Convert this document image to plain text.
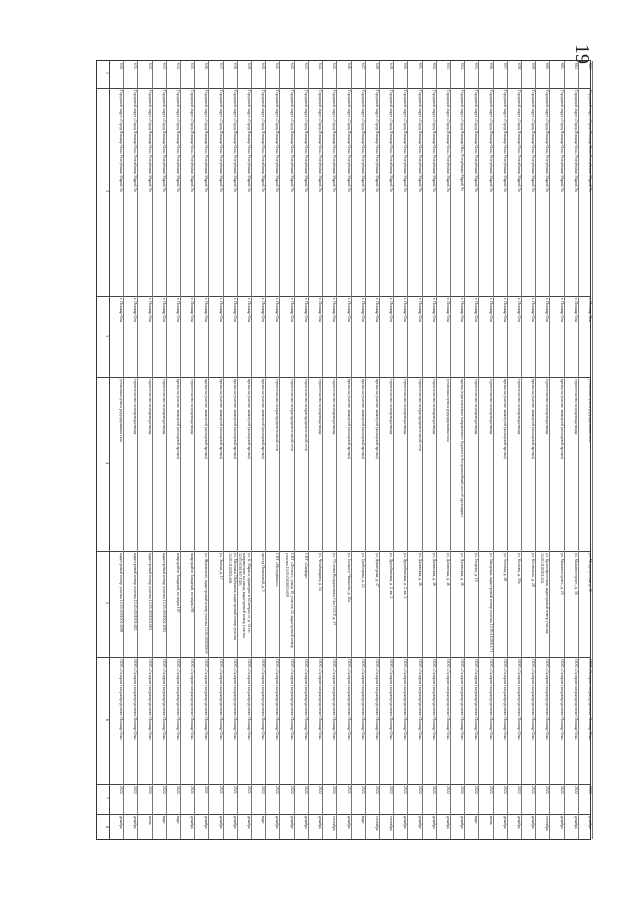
19
1
2
3
4
5
6
7
8
630.
Городской округ «Город Йошкар-Ола» Республики Марий Эл
г. Йошкар-Ола
установка пункта редуцирования газа
кадастровый номер участка 12:05:0301001:2098
ООО «Газпром газораспределение Йошкар-Ола»
2022
декабрь
631.
Городской округ «Город Йошкар-Ола» Республики Марий Эл
г. Йошкар-Ола
строительство газопровода-ввода
кадастровый номер участка 12:05:4501001:482
ООО «Газпром газораспределение Йошкар-Ола»
2022
декабрь
632.
Городской округ «Город Йошкар-Ола» Республики Марий Эл
г. Йошкар-Ола
строительство газопровода-ввода
кадастровый номер участка 12:05:4501001:684
ООО «Газпром газораспределение Йошкар-Ола»
2022
июнь
633.
Городской округ «Город Йошкар-Ола» Республики Марий Эл
г. Йошкар-Ола
строительство газопровода-ввода
кадастровый номер участка 12:05:4501001:1092
ООО «Газпром газораспределение Йошкар-Ола»
2022
март
634.
Городской округ «Город Йошкар-Ола» Республики Марий Эл
г. Йошкар-Ола
врезка на участке замкнутой (кольцевой врезки)
микрорайон Западный, позиция 187
ООО «Газпром газораспределение Йошкар-Ола»
2022
март
635.
Городской округ «Город Йошкар-Ола» Республики Марий Эл
г. Йошкар-Ола
строительство газопровода-ввода
микрорайон Западный, позиция 285
ООО «Газпром газораспределение Йошкар-Ола»
2021
декабрь
636.
Городской округ «Город Йошкар-Ола» Республики Марий Эл
г. Йошкар-Ола
врезка на участке замкнутой (кольцевой врезки)
ул. Жуковского, кадастровый номер участка 12:05:0000000:8
ООО «Газпром газораспределение Йошкар-Ола»
2021
декабрь
637.
Городской округ «Город Йошкар-Ола» Республики Марий Эл
г. Йошкар-Ола
врезка на участке замкнутой (кольцевой врезки)
ул. Эшпая, д. 17
ООО «Газпром газораспределение Йошкар-Ола»
2021
декабрь
638.
Городской округ «Город Йошкар-Ола» Республики Марий Эл
г. Йошкар-Ола
врезка на участке замкнутой (кольцевой врезки)
ул. Мичмана Шабалина, кадастровый номер участка 12:05:1102002:468
ООО «Газпром газораспределение Йошкар-Ола»
2021
декабрь
639.
Городской округ «Город Йошкар-Ола» Республики Марий Эл
г. Йошкар-Ола
врезка на участке замкнутой (кольцевой врезки)
ул. К. Маркса, примерно в 62 метрах от д. 34 по направлению на запад, кадастровый номер участка 12:05:0301007:1026
ООО «Газпром газораспределение Йошкар-Ола»
2021
декабрь
640.
Городской округ «Город Йошкар-Ола» Республики Марий Эл
г. Йошкар-Ола
врезка на участке замкнутой (кольцевой врезки)
проезд Начальный, д. 5
ООО «Газпром газораспределение Йошкар-Ола»
2022
март
641.
Городской округ «Город Йошкар-Ола» Республики Марий Эл
г. Йошкар-Ола
строительство газораспределительной сети
СНТ «Молодёжное»
ООО «Газпром газораспределение Йошкар-Ола»
2022
декабрь
642.
Городской округ «Город Йошкар-Ола» Республики Марий Эл
г. Йошкар-Ола
строительство газораспределительной сети
СНТ «Лесное», улица 10, участок 52, кадастровый номер участка 12:05:0304002:659
ООО «Газпром газораспределение Йошкар-Ола»
2022
декабрь
643.
Городской округ «Город Йошкар-Ола» Республики Марий Эл
г. Йошкар-Ола
строительство газораспределительной сети
СНТ «Сапфир»
ООО «Газпром газораспределение Йошкар-Ола»
2022
декабрь
644.
Городской округ «Город Йошкар-Ола» Республики Марий Эл
г. Йошкар-Ола
строительство газопровода-ввода
ул. Чехибиндина, д. 34
ООО «Газпром газораспределение Йошкар-Ола»
2022
декабрь
645.
Городской округ «Город Йошкар-Ола» Республики Марий Эл
г. Йошкар-Ола
строительство газопровода-ввода
ул. 70-летия Вооруженных Сил СССР, д. 17
ООО «Газпром газораспределение Йошкар-Ола»
2022
сентябрь
646.
Городской округ «Город Йошкар-Ола» Республики Марий Эл
г. Йошкар-Ола
врезка на участке замкнутой (кольцевой врезки)
ул. Большое Чигашево, д. 20а
ООО «Газпром газораспределение Йошкар-Ола»
2021
декабрь
647.
Городской округ «Город Йошкар-Ола» Республики Марий Эл
г. Йошкар-Ола
врезка на участке замкнутой (кольцевой врезки)
ул. Грибоедова, д. 44
ООО «Газпром газораспределение Йошкар-Ола»
2022
март
648.
Городской округ «Город Йошкар-Ола» Республики Марий Эл
г. Йошкар-Ола
врезка на участке замкнутой (кольцевой врезки)
ул. Димитрова, д. 47
ООО «Газпром газораспределение Йошкар-Ола»
2022
сентябрь
649.
Городской округ «Город Йошкар-Ола» Республики Марий Эл
г. Йошкар-Ола
строительство газопровода-ввода
ул. Дружбинская, д. 2, кв. 2
ООО «Газпром газораспределение Йошкар-Ола»
2022
сентябрь
650.
Городской округ «Город Йошкар-Ола» Республики Марий Эл
г. Йошкар-Ола
строительство газопровода-ввода
ул. Дружбинская, д. 2, кв. 3
ООО «Газпром газораспределение Йошкар-Ола»
2022
декабрь
651.
Городской округ «Город Йошкар-Ола» Республики Марий Эл
г. Йошкар-Ола
строительство газораспределительной сети
ул. Дачинская, д. 46
ООО «Газпром газораспределение Йошкар-Ола»
2022
декабрь
652.
Городской округ «Город Йошкар-Ола» Республики Марий Эл
г. Йошкар-Ола
строительство газопровода-ввода
ул. Дачинская, д. 46
ООО «Газпром газораспределение Йошкар-Ола»
2022
декабрь
653.
Городской округ «Город Йошкар-Ола» Республики Марий Эл
г. Йошкар-Ола
установка пункта редуцирования газа
ул. Дачинская, д. 46
ООО «Газпром газораспределение Йошкар-Ола»
2022
декабрь
654.
Городской округ «Город Йошкар-Ola» Республики Марий Эл
г. Йошкар-Ола
врезка (горизонтально направленное бурение в безтраншейный способ прокладки)
ул. Дачинская, д. 46
ООО «Газпром газораспределение Йошкар-Ола»
2022
декабрь
655.
Городской округ «Город Йошкар-Ола» Республики Марий Эл
г. Йошкар-Ола
строительство газопровода-ввода
ул. Егорова, д. 10
ООО «Газпром газораспределение Йошкар-Ола»
2022
март
656.
Городской округ «Город Йошкар-Ола» Республики Марий Эл
г. Йошкар-Ола
строительство газопровода-ввода
ул. Заводская, кадастровый номер участка 12:05:1102001:71
ООО «Газпром газораспределение Йошкар-Ола»
2022
июнь
657.
Городской округ «Город Йошкар-Ола» Республики Марий Эл
г. Йошкар-Ола
врезка на участке замкнутой (кольцевой врезки)
ул. Зеленая, д. 48
ООО «Газпром газораспределение Йошкар-Ола»
2022
декабрь
658.
Городской округ «Город Йошкар-Ола» Республики Марий Эл
г. Йошкар-Ола
строительство газопровода-ввода
ул. Козлова, д. 18а
ООО «Газпром газораспределение Йошкар-Ола»
2022
декабрь
659.
Городской округ «Город Йошкар-Ола» Республики Марий Эл
г. Йошкар-Ола
врезка на участке замкнутой (кольцевой врезки)
ул. Котовского, д. 28
ООО «Газпром газораспределение Йошкар-Ола»
2022
декабрь
660.
Городской округ «Город Йошкар-Ола» Республики Марий Эл
г. Йошкар-Ола
строительство газопровода-ввода
ул. Краснофлотская, кадастровый номер участка 12:05:1105001:204
ООО «Газпром газораспределение Йошкар-Ола»
2022
сентябрь
661.
Городской округ «Город Йошкар-Ола» Республики Марий Эл
г. Йошкар-Ола
врезка на участке замкнутой (кольцевой врезки)
ул. Машиностроит., д. 25
ООО «Газпром газораспределение Йошкар-Ола»
2022
декабрь
662.
Городской округ «Город Йошкар-Ола» Республики Марий Эл
г. Йошкар-Ола
строительство газопровода-ввода
ул. Машиностроит., д. 36
ООО «Газпром газораспределение Йошкар-Ола»
2022
декабрь
663.
Городской округ «Город Йошкар-Ола» Республики Марий Эл
г. Йошкар-Ола
установка пункта редуцирования газа
ул. Мендолуговая, д. 16
ООО «Газпром газораспределение Йошкар-Ола»
2022
декабрь
